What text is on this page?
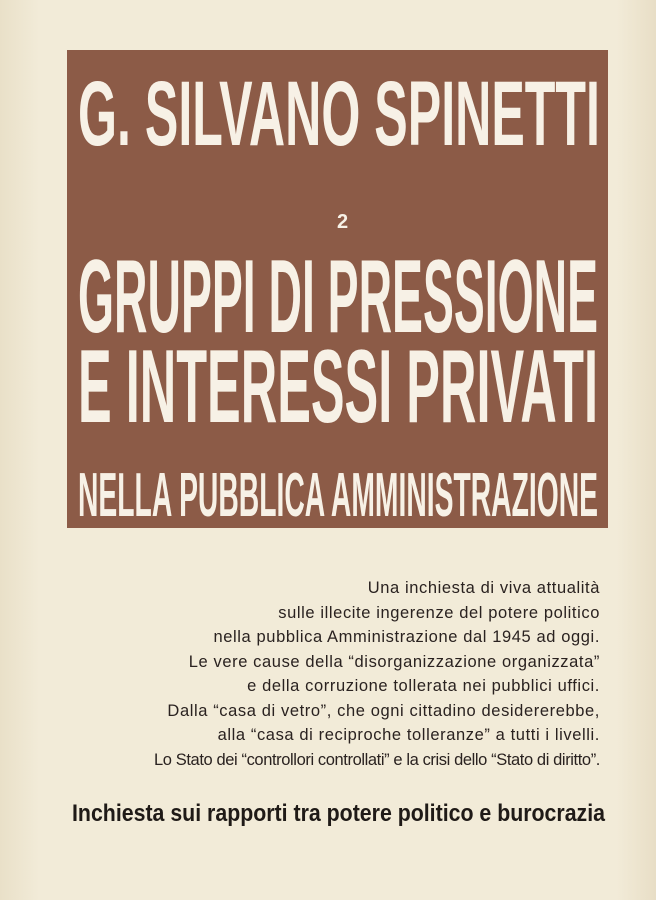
G. SILVANO SPINETTI
2
GRUPPI DI PRESSIONE
E INTERESSI PRIVATI
NELLA PUBBLICA AMMINISTRAZIONE
Una inchiesta di viva attualità
sulle illecite ingerenze del potere politico
nella pubblica Amministrazione dal 1945 ad oggi.
Le vere cause della “disorganizzazione organizzata”
e della corruzione tollerata nei pubblici uffici.
Dalla “casa di vetro”, che ogni cittadino desidererebbe,
alla “casa di reciproche tolleranze” a tutti i livelli.
Lo Stato dei “controllori controllati” e la crisi dello “Stato di diritto”.
Inchiesta sui rapporti tra potere politico e burocrazia
